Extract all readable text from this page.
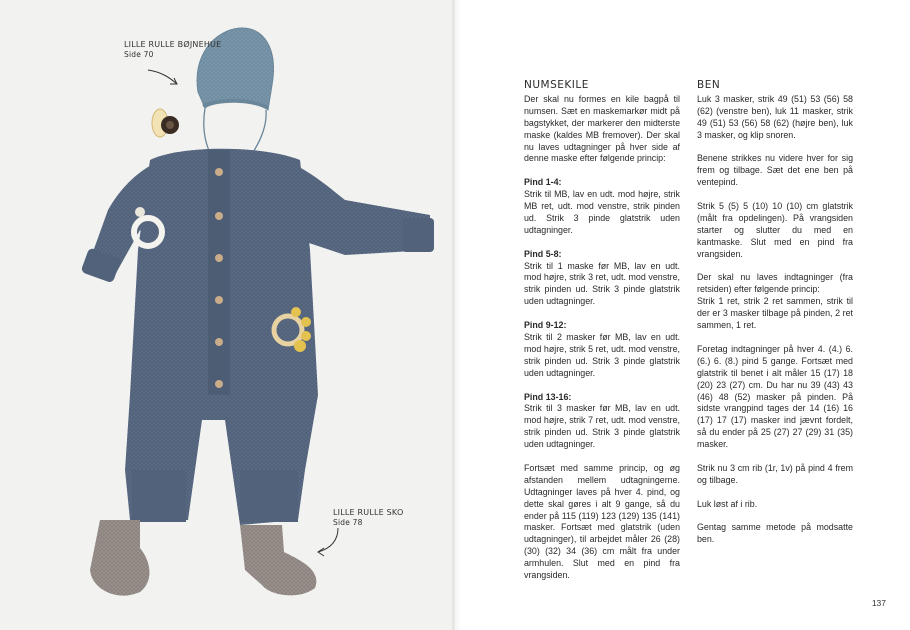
LILLE RULLE BØJNEHUE
Side 70
LILLE RULLE SKO
Side 78
NUMSEKILE

Der skal nu formes en kile bagpå til numsen. Sæt en maskemarkør midt på bagstykket, der markerer den midterste maske (kaldes MB fremover). Der skal nu laves udtagninger på hver side af denne maske efter følgende princip:

Pind 1-4:
Strik til MB, lav en udt. mod højre, strik MB ret, udt. mod venstre, strik pinden ud. Strik 3 pinde glatstrik uden udtagninger.

Pind 5-8:
Strik til 1 maske før MB, lav en udt. mod højre, strik 3 ret, udt. mod venstre, strik pinden ud. Strik 3 pinde glatstrik uden udtagninger.

Pind 9-12:
Strik til 2 masker før MB, lav en udt. mod højre, strik 5 ret, udt. mod venstre, strik pinden ud. Strik 3 pinde glatstrik uden udtagninger.

Pind 13-16:
Strik til 3 masker før MB, lav en udt. mod højre, strik 7 ret, udt. mod venstre, strik pinden ud. Strik 3 pinde glatstrik uden udtagninger.

Fortsæt med samme princip, og øg afstanden mellem udtagningerne. Udtagninger laves på hver 4. pind, og dette skal gøres i alt 9 gange, så du ender på 115 (119) 123 (129) 135 (141) masker. Fortsæt med glatstrik (uden udtagninger), til arbejdet måler 26 (28) (30) (32) 34 (36) cm målt fra under armhulen. Slut med en pind fra vrangsiden.

BEN

Luk 3 masker, strik 49 (51) 53 (56) 58 (62) (venstre ben), luk 11 masker, strik 49 (51) 53 (56) 58 (62) (højre ben), luk 3 masker, og klip snoren.

Benene strikkes nu videre hver for sig frem og tilbage. Sæt det ene ben på ventepind.

Strik 5 (5) 5 (10) 10 (10) cm glatstrik (målt fra opdelingen). På vrangsiden starter og slutter du med en kantmaske. Slut med en pind fra vrangsiden.

Der skal nu laves indtagninger (fra retsiden) efter følgende princip:
Strik 1 ret, strik 2 ret sammen, strik til der er 3 masker tilbage på pinden, 2 ret sammen, 1 ret.

Foretag indtagninger på hver 4. (4.) 6. (6.) 6. (8.) pind 5 gange. Fortsæt med glatstrik til benet i alt måler 15 (17) 18 (20) 23 (27) cm. Du har nu 39 (43) 43 (46) 48 (52) masker på pinden. På sidste vrangpind tages der 14 (16) 16 (17) 17 (17) masker ind jævnt fordelt, så du ender på 25 (27) 27 (29) 31 (35) masker.

Strik nu 3 cm rib (1r, 1v) på pind 4 frem og tilbage.

Luk løst af i rib.

Gentag samme metode på modsatte ben.

137
